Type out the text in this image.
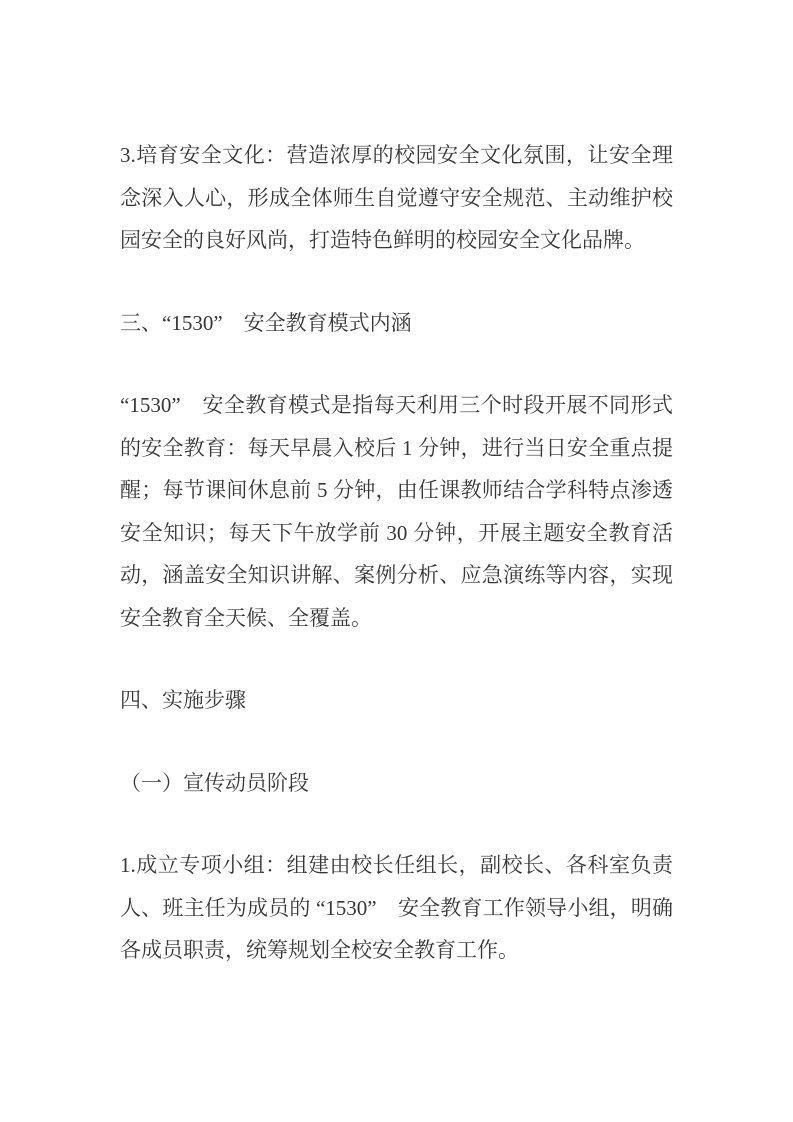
3.培育安全文化：营造浓厚的校园安全文化氛围，让安全理念深入人心，形成全体师生自觉遵守安全规范、主动维护校园安全的良好风尚，打造特色鲜明的校园安全文化品牌。

三、“1530”　安全教育模式内涵

“1530”　安全教育模式是指每天利用三个时段开展不同形式的安全教育：每天早晨入校后 1 分钟，进行当日安全重点提醒；每节课间休息前 5 分钟，由任课教师结合学科特点渗透安全知识；每天下午放学前 30 分钟，开展主题安全教育活动，涵盖安全知识讲解、案例分析、应急演练等内容，实现安全教育全天候、全覆盖。

四、实施步骤

（一）宣传动员阶段

1.成立专项小组：组建由校长任组长，副校长、各科室负责人、班主任为成员的 “1530”　安全教育工作领导小组，明确各成员职责，统筹规划全校安全教育工作。
